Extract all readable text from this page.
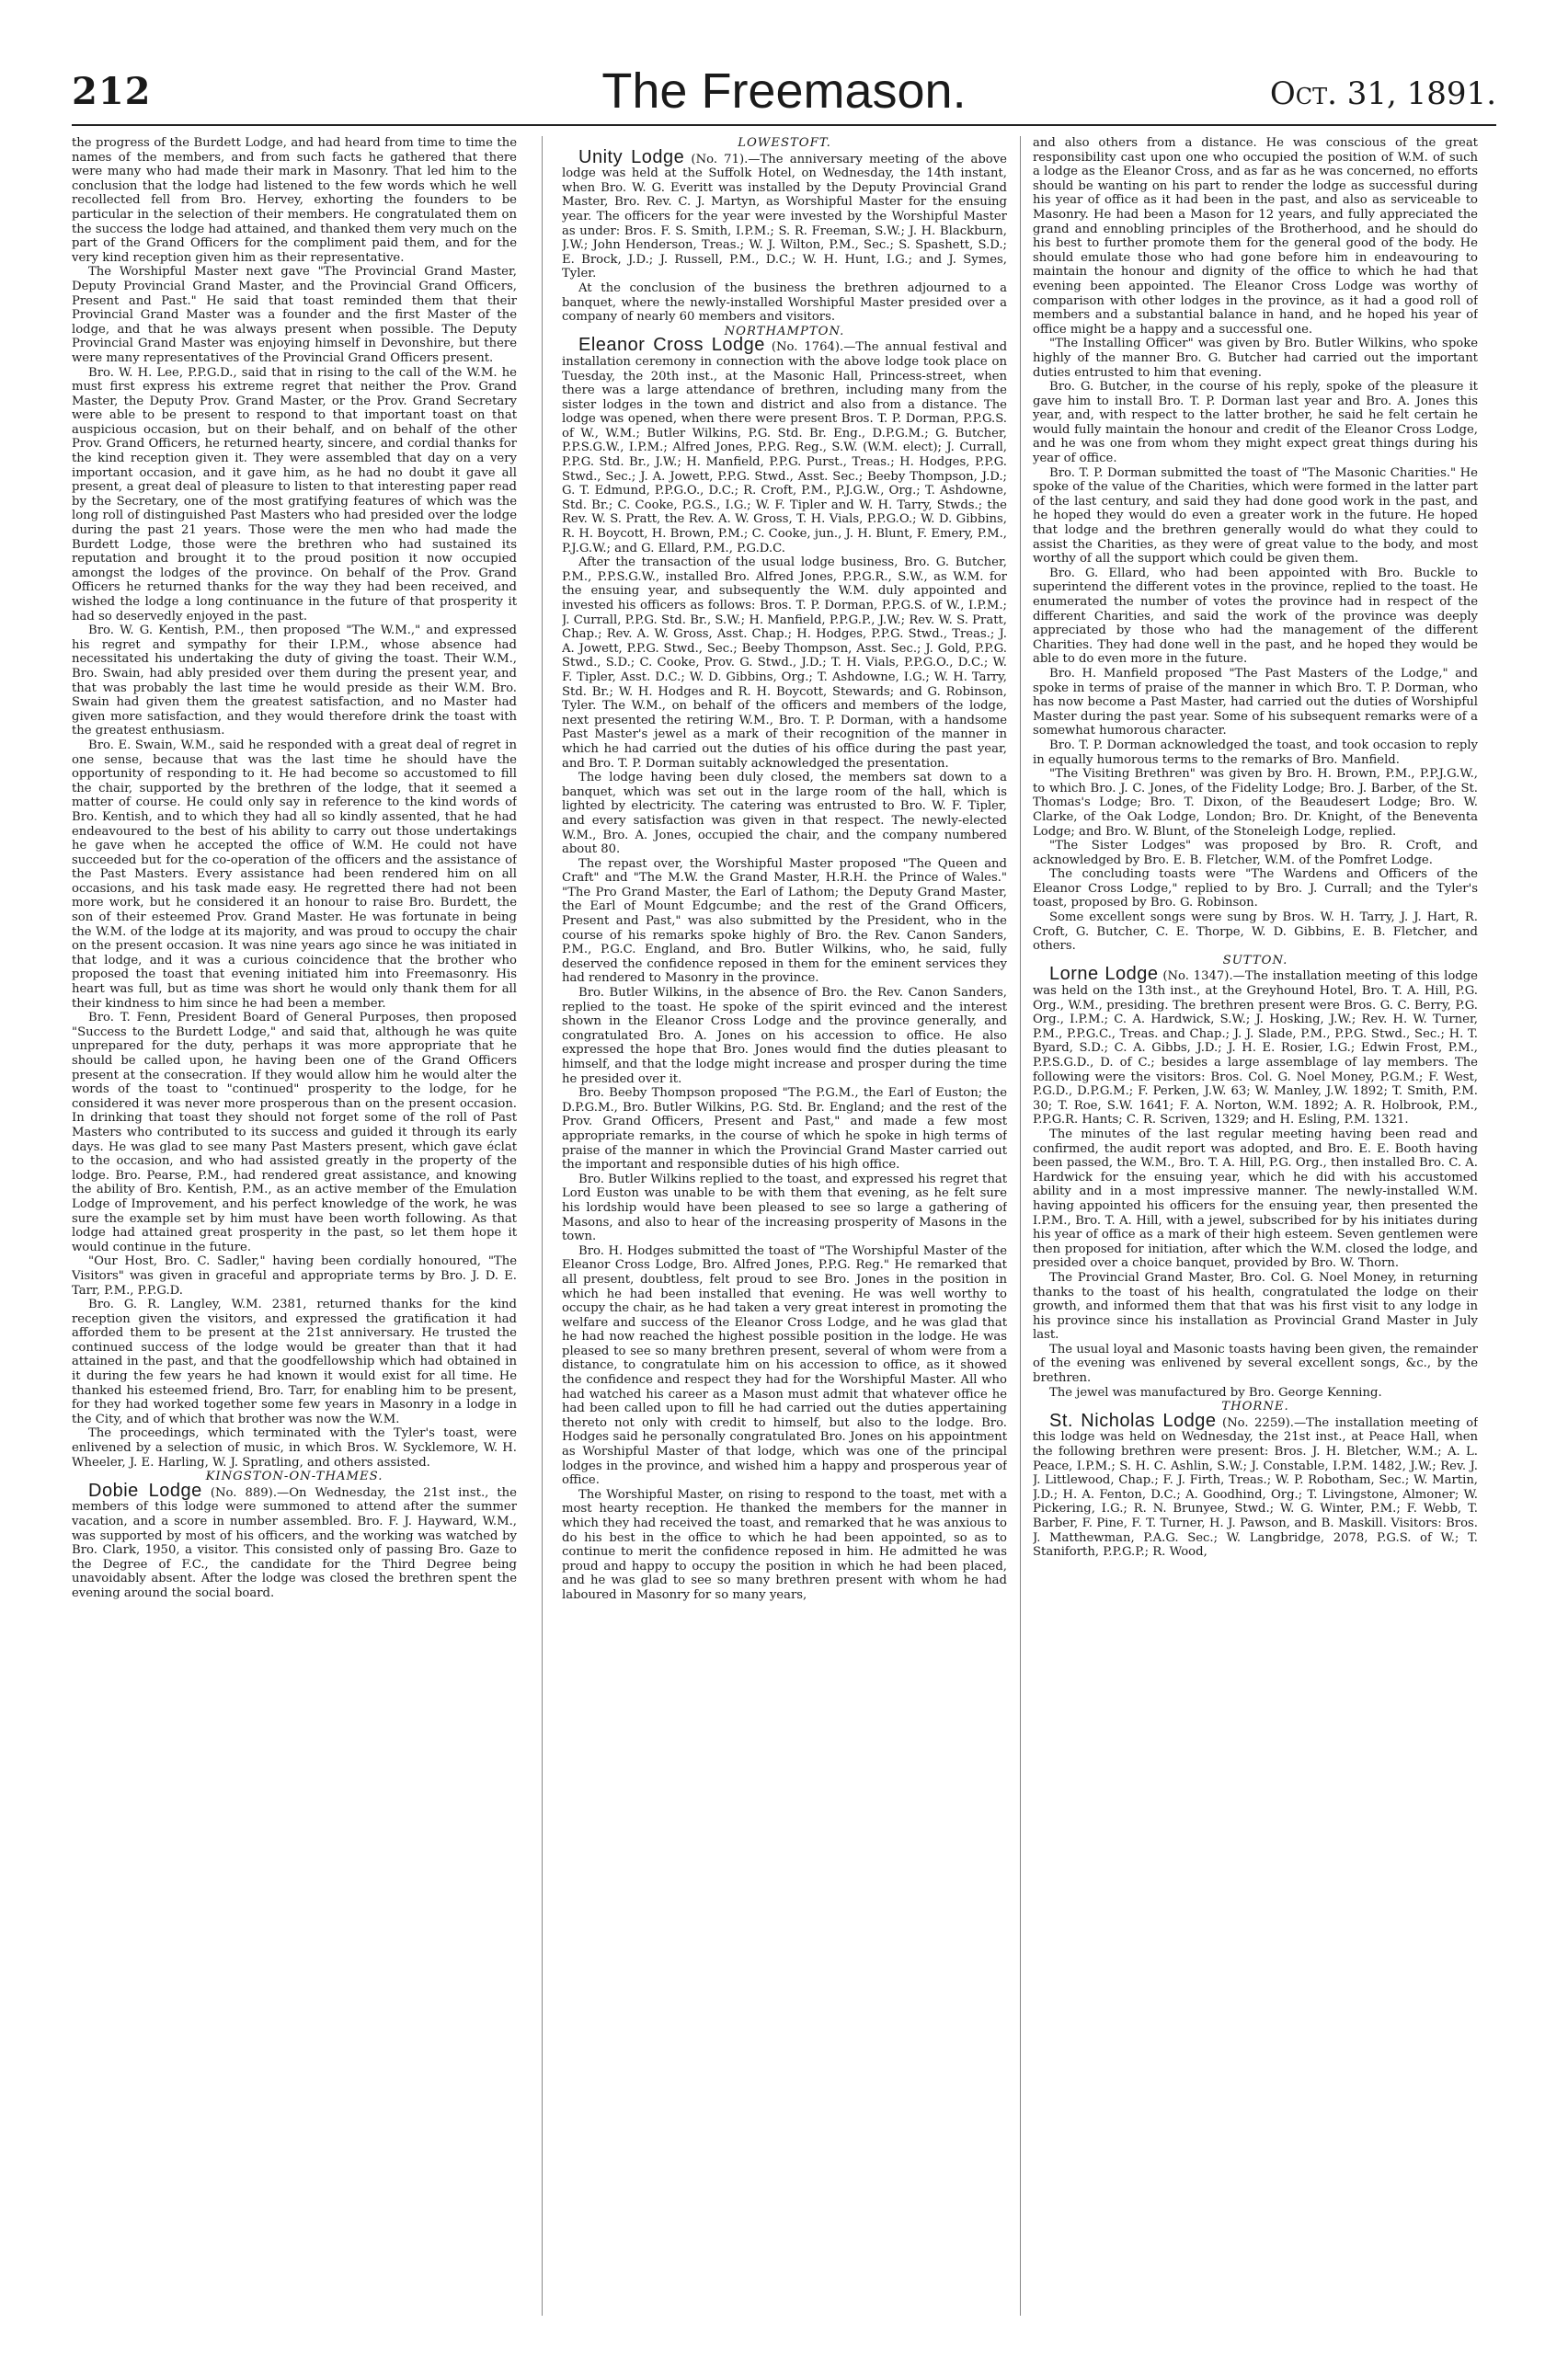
212	The Freemason.	Oct. 31, 1891.

the progress of the Burdett Lodge, and had heard from time to time the names of the members, and from such facts he gathered that there were many who had made their mark in Masonry. That led him to the conclusion that the lodge had listened to the few words which he well recollected fell from Bro. Hervey, exhorting the founders to be particular in the selection of their members. He congratulated them on the success the lodge had attained, and thanked them very much on the part of the Grand Officers for the compliment paid them, and for the very kind reception given him as their representative.

The Worshipful Master next gave "The Provincial Grand Master, Deputy Provincial Grand Master, and the Provincial Grand Officers, Present and Past." He said that toast reminded them that their Provincial Grand Master was a founder and the first Master of the lodge, and that he was always present when possible. The Deputy Provincial Grand Master was enjoying himself in Devonshire, but there were many representatives of the Provincial Grand Officers present.

Bro. W. H. Lee, P.P.G.D., said that in rising to the call of the W.M. he must first express his extreme regret that neither the Prov. Grand Master, the Deputy Prov. Grand Master, or the Prov. Grand Secretary were able to be present to respond to that important toast on that auspicious occasion, but on their behalf, and on behalf of the other Prov. Grand Officers, he returned hearty, sincere, and cordial thanks for the kind reception given it. They were assembled that day on a very important occasion, and it gave him, as he had no doubt it gave all present, a great deal of pleasure to listen to that interesting paper read by the Secretary, one of the most gratifying features of which was the long roll of distinguished Past Masters who had presided over the lodge during the past 21 years. Those were the men who had made the Burdett Lodge, those were the brethren who had sustained its reputation and brought it to the proud position it now occupied amongst the lodges of the province. On behalf of the Prov. Grand Officers he returned thanks for the way they had been received, and wished the lodge a long continuance in the future of that prosperity it had so deservedly enjoyed in the past.

Bro. W. G. Kentish, P.M., then proposed "The W.M.," and expressed his regret and sympathy for their I.P.M., whose absence had necessitated his undertaking the duty of giving the toast. Their W.M., Bro. Swain, had ably presided over them during the present year, and that was probably the last time he would preside as their W.M. Bro. Swain had given them the greatest satisfaction, and no Master had given more satisfaction, and they would therefore drink the toast with the greatest enthusiasm.

Bro. E. Swain, W.M., said he responded with a great deal of regret in one sense, because that was the last time he should have the opportunity of responding to it. He had become so accustomed to fill the chair, supported by the brethren of the lodge, that it seemed a matter of course. He could only say in reference to the kind words of Bro. Kentish, and to which they had all so kindly assented, that he had endeavoured to the best of his ability to carry out those undertakings he gave when he accepted the office of W.M. He could not have succeeded but for the co-operation of the officers and the assistance of the Past Masters. Every assistance had been rendered him on all occasions, and his task made easy. He regretted there had not been more work, but he considered it an honour to raise Bro. Burdett, the son of their esteemed Prov. Grand Master. He was fortunate in being the W.M. of the lodge at its majority, and was proud to occupy the chair on the present occasion. It was nine years ago since he was initiated in that lodge, and it was a curious coincidence that the brother who proposed the toast that evening initiated him into Freemasonry. His heart was full, but as time was short he would only thank them for all their kindness to him since he had been a member.

Bro. T. Fenn, President Board of General Purposes, then proposed "Success to the Burdett Lodge," and said that, although he was quite unprepared for the duty, perhaps it was more appropriate that he should be called upon, he having been one of the Grand Officers present at the consecration. If they would allow him he would alter the words of the toast to "continued" prosperity to the lodge, for he considered it was never more prosperous than on the present occasion. In drinking that toast they should not forget some of the roll of Past Masters who contributed to its success and guided it through its early days. He was glad to see many Past Masters present, which gave éclat to the occasion, and who had assisted greatly in the property of the lodge. Bro. Pearse, P.M., had rendered great assistance, and knowing the ability of Bro. Kentish, P.M., as an active member of the Emulation Lodge of Improvement, and his perfect knowledge of the work, he was sure the example set by him must have been worth following. As that lodge had attained great prosperity in the past, so let them hope it would continue in the future.

"Our Host, Bro. C. Sadler," having been cordially honoured, "The Visitors" was given in graceful and appropriate terms by Bro. J. D. E. Tarr, P.M., P.P.G.D.

Bro. G. R. Langley, W.M. 2381, returned thanks for the kind reception given the visitors, and expressed the gratification it had afforded them to be present at the 21st anniversary. He trusted the continued success of the lodge would be greater than that it had attained in the past, and that the goodfellowship which had obtained in it during the few years he had known it would exist for all time. He thanked his esteemed friend, Bro. Tarr, for enabling him to be present, for they had worked together some few years in Masonry in a lodge in the City, and of which that brother was now the W.M.

The proceedings, which terminated with the Tyler's toast, were enlivened by a selection of music, in which Bros. W. Sycklemore, W. H. Wheeler, J. E. Harling, W. J. Spratling, and others assisted.

KINGSTON-ON-THAMES.

Dobie Lodge (No. 889).—On Wednesday, the 21st inst., the members of this lodge were summoned to attend after the summer vacation, and a score in number assembled. Bro. F. J. Hayward, W.M., was supported by most of his officers, and the working was watched by Bro. Clark, 1950, a visitor. This consisted only of passing Bro. Gaze to the Degree of F.C., the candidate for the Third Degree being unavoidably absent. After the lodge was closed the brethren spent the evening around the social board.

LOWESTOFT.

Unity Lodge (No. 71).—The anniversary meeting of the above lodge was held at the Suffolk Hotel, on Wednesday, the 14th instant, when Bro. W. G. Everitt was installed by the Deputy Provincial Grand Master, Bro. Rev. C. J. Martyn, as Worshipful Master for the ensuing year. The officers for the year were invested by the Worshipful Master as under: Bros. F. S. Smith, I.P.M.; S. R. Freeman, S.W.; J. H. Blackburn, J.W.; John Henderson, Treas.; W. J. Wilton, P.M., Sec.; S. Spashett, S.D.; E. Brock, J.D.; J. Russell, P.M., D.C.; W. H. Hunt, I.G.; and J. Symes, Tyler.

At the conclusion of the business the brethren adjourned to a banquet, where the newly-installed Worshipful Master presided over a company of nearly 60 members and visitors.

NORTHAMPTON.

Eleanor Cross Lodge (No. 1764).—The annual festival and installation ceremony in connection with the above lodge took place on Tuesday, the 20th inst., at the Masonic Hall, Princess-street, when there was a large attendance of brethren, including many from the sister lodges in the town and district and also from a distance. The lodge was opened, when there were present Bros. T. P. Dorman, P.P.G.S. of W., W.M.; Butler Wilkins, P.G. Std. Br. Eng., D.P.G.M.; G. Butcher, P.P.S.G.W., I.P.M.; Alfred Jones, P.P.G. Reg., S.W. (W.M. elect); J. Currall, P.P.G. Std. Br., J.W.; H. Manfield, P.P.G. Purst., Treas.; H. Hodges, P.P.G. Stwd., Sec.; J. A. Jowett, P.P.G. Stwd., Asst. Sec.; Beeby Thompson, J.D.; G. T. Edmund, P.P.G.O., D.C.; R. Croft, P.M., P.J.G.W., Org.; T. Ashdowne, Std. Br.; C. Cooke, P.G.S., I.G.; W. F. Tipler and W. H. Tarry, Stwds.; the Rev. W. S. Pratt, the Rev. A. W. Gross, T. H. Vials, P.P.G.O.; W. D. Gibbins, R. H. Boycott, H. Brown, P.M.; C. Cooke, jun., J. H. Blunt, F. Emery, P.M., P.J.G.W.; and G. Ellard, P.M., P.G.D.C.

After the transaction of the usual lodge business, Bro. G. Butcher, P.M., P.P.S.G.W., installed Bro. Alfred Jones, P.P.G.R., S.W., as W.M. for the ensuing year, and subsequently the W.M. duly appointed and invested his officers as follows: Bros. T. P. Dorman, P.P.G.S. of W., I.P.M.; J. Currall, P.P.G. Std. Br., S.W.; H. Manfield, P.P.G.P., J.W.; Rev. W. S. Pratt, Chap.; Rev. A. W. Gross, Asst. Chap.; H. Hodges, P.P.G. Stwd., Treas.; J. A. Jowett, P.P.G. Stwd., Sec.; Beeby Thompson, Asst. Sec.; J. Gold, P.P.G. Stwd., S.D.; C. Cooke, Prov. G. Stwd., J.D.; T. H. Vials, P.P.G.O., D.C.; W. F. Tipler, Asst. D.C.; W. D. Gibbins, Org.; T. Ashdowne, I.G.; W. H. Tarry, Std. Br.; W. H. Hodges and R. H. Boycott, Stewards; and G. Robinson, Tyler. The W.M., on behalf of the officers and members of the lodge, next presented the retiring W.M., Bro. T. P. Dorman, with a handsome Past Master's jewel as a mark of their recognition of the manner in which he had carried out the duties of his office during the past year, and Bro. T. P. Dorman suitably acknowledged the presentation.

The lodge having been duly closed, the members sat down to a banquet, which was set out in the large room of the hall, which is lighted by electricity. The catering was entrusted to Bro. W. F. Tipler, and every satisfaction was given in that respect. The newly-elected W.M., Bro. A. Jones, occupied the chair, and the company numbered about 80.

The repast over, the Worshipful Master proposed "The Queen and Craft" and "The M.W. the Grand Master, H.R.H. the Prince of Wales." "The Pro Grand Master, the Earl of Lathom; the Deputy Grand Master, the Earl of Mount Edgcumbe; and the rest of the Grand Officers, Present and Past," was also submitted by the President, who in the course of his remarks spoke highly of Bro. the Rev. Canon Sanders, P.M., P.G.C. England, and Bro. Butler Wilkins, who, he said, fully deserved the confidence reposed in them for the eminent services they had rendered to Masonry in the province.

Bro. Butler Wilkins, in the absence of Bro. the Rev. Canon Sanders, replied to the toast. He spoke of the spirit evinced and the interest shown in the Eleanor Cross Lodge and the province generally, and congratulated Bro. A. Jones on his accession to office. He also expressed the hope that Bro. Jones would find the duties pleasant to himself, and that the lodge might increase and prosper during the time he presided over it.

Bro. Beeby Thompson proposed "The P.G.M., the Earl of Euston; the D.P.G.M., Bro. Butler Wilkins, P.G. Std. Br. England; and the rest of the Prov. Grand Officers, Present and Past," and made a few most appropriate remarks, in the course of which he spoke in high terms of praise of the manner in which the Provincial Grand Master carried out the important and responsible duties of his high office.

Bro. Butler Wilkins replied to the toast, and expressed his regret that Lord Euston was unable to be with them that evening, as he felt sure his lordship would have been pleased to see so large a gathering of Masons, and also to hear of the increasing prosperity of Masons in the town.

Bro. H. Hodges submitted the toast of "The Worshipful Master of the Eleanor Cross Lodge, Bro. Alfred Jones, P.P.G. Reg." He remarked that all present, doubtless, felt proud to see Bro. Jones in the position in which he had been installed that evening. He was well worthy to occupy the chair, as he had taken a very great interest in promoting the welfare and success of the Eleanor Cross Lodge, and he was glad that he had now reached the highest possible position in the lodge. He was pleased to see so many brethren present, several of whom were from a distance, to congratulate him on his accession to office, as it showed the confidence and respect they had for the Worshipful Master. All who had watched his career as a Mason must admit that whatever office he had been called upon to fill he had carried out the duties appertaining thereto not only with credit to himself, but also to the lodge. Bro. Hodges said he personally congratulated Bro. Jones on his appointment as Worshipful Master of that lodge, which was one of the principal lodges in the province, and wished him a happy and prosperous year of office.

The Worshipful Master, on rising to respond to the toast, met with a most hearty reception. He thanked the members for the manner in which they had received the toast, and remarked that he was anxious to do his best in the office to which he had been appointed, so as to continue to merit the confidence reposed in him. He admitted he was proud and happy to occupy the position in which he had been placed, and he was glad to see so many brethren present with whom he had laboured in Masonry for so many years,

and also others from a distance. He was conscious of the great responsibility cast upon one who occupied the position of W.M. of such a lodge as the Eleanor Cross, and as far as he was concerned, no efforts should be wanting on his part to render the lodge as successful during his year of office as it had been in the past, and also as serviceable to Masonry. He had been a Mason for 12 years, and fully appreciated the grand and ennobling principles of the Brotherhood, and he should do his best to further promote them for the general good of the body. He should emulate those who had gone before him in endeavouring to maintain the honour and dignity of the office to which he had that evening been appointed. The Eleanor Cross Lodge was worthy of comparison with other lodges in the province, as it had a good roll of members and a substantial balance in hand, and he hoped his year of office might be a happy and a successful one.

"The Installing Officer" was given by Bro. Butler Wilkins, who spoke highly of the manner Bro. G. Butcher had carried out the important duties entrusted to him that evening.

Bro. G. Butcher, in the course of his reply, spoke of the pleasure it gave him to install Bro. T. P. Dorman last year and Bro. A. Jones this year, and, with respect to the latter brother, he said he felt certain he would fully maintain the honour and credit of the Eleanor Cross Lodge, and he was one from whom they might expect great things during his year of office.

Bro. T. P. Dorman submitted the toast of "The Masonic Charities." He spoke of the value of the Charities, which were formed in the latter part of the last century, and said they had done good work in the past, and he hoped they would do even a greater work in the future. He hoped that lodge and the brethren generally would do what they could to assist the Charities, as they were of great value to the body, and most worthy of all the support which could be given them.

Bro. G. Ellard, who had been appointed with Bro. Buckle to superintend the different votes in the province, replied to the toast. He enumerated the number of votes the province had in respect of the different Charities, and said the work of the province was deeply appreciated by those who had the management of the different Charities. They had done well in the past, and he hoped they would be able to do even more in the future.

Bro. H. Manfield proposed "The Past Masters of the Lodge," and spoke in terms of praise of the manner in which Bro. T. P. Dorman, who has now become a Past Master, had carried out the duties of Worshipful Master during the past year. Some of his subsequent remarks were of a somewhat humorous character.

Bro. T. P. Dorman acknowledged the toast, and took occasion to reply in equally humorous terms to the remarks of Bro. Manfield.

"The Visiting Brethren" was given by Bro. H. Brown, P.M., P.P.J.G.W., to which Bro. J. C. Jones, of the Fidelity Lodge; Bro. J. Barber, of the St. Thomas's Lodge; Bro. T. Dixon, of the Beaudesert Lodge; Bro. W. Clarke, of the Oak Lodge, London; Bro. Dr. Knight, of the Beneventa Lodge; and Bro. W. Blunt, of the Stoneleigh Lodge, replied.

"The Sister Lodges" was proposed by Bro. R. Croft, and acknowledged by Bro. E. B. Fletcher, W.M. of the Pomfret Lodge.

The concluding toasts were "The Wardens and Officers of the Eleanor Cross Lodge," replied to by Bro. J. Currall; and the Tyler's toast, proposed by Bro. G. Robinson.

Some excellent songs were sung by Bros. W. H. Tarry, J. J. Hart, R. Croft, G. Butcher, C. E. Thorpe, W. D. Gibbins, E. B. Fletcher, and others.

SUTTON.

Lorne Lodge (No. 1347).—The installation meeting of this lodge was held on the 13th inst., at the Greyhound Hotel, Bro. T. A. Hill, P.G. Org., W.M., presiding. The brethren present were Bros. G. C. Berry, P.G. Org., I.P.M.; C. A. Hardwick, S.W.; J. Hosking, J.W.; Rev. H. W. Turner, P.M., P.P.G.C., Treas. and Chap.; J. J. Slade, P.M., P.P.G. Stwd., Sec.; H. T. Byard, S.D.; C. A. Gibbs, J.D.; J. H. E. Rosier, I.G.; Edwin Frost, P.M., P.P.S.G.D., D. of C.; besides a large assemblage of lay members. The following were the visitors: Bros. Col. G. Noel Money, P.G.M.; F. West, P.G.D., D.P.G.M.; F. Perken, J.W. 63; W. Manley, J.W. 1892; T. Smith, P.M. 30; T. Roe, S.W. 1641; F. A. Norton, W.M. 1892; A. R. Holbrook, P.M., P.P.G.R. Hants; C. R. Scriven, 1329; and H. Esling, P.M. 1321.

The minutes of the last regular meeting having been read and confirmed, the audit report was adopted, and Bro. E. E. Booth having been passed, the W.M., Bro. T. A. Hill, P.G. Org., then installed Bro. C. A. Hardwick for the ensuing year, which he did with his accustomed ability and in a most impressive manner. The newly-installed W.M. having appointed his officers for the ensuing year, then presented the I.P.M., Bro. T. A. Hill, with a jewel, subscribed for by his initiates during his year of office as a mark of their high esteem. Seven gentlemen were then proposed for initiation, after which the W.M. closed the lodge, and presided over a choice banquet, provided by Bro. W. Thorn.

The Provincial Grand Master, Bro. Col. G. Noel Money, in returning thanks to the toast of his health, congratulated the lodge on their growth, and informed them that that was his first visit to any lodge in his province since his installation as Provincial Grand Master in July last.

The usual loyal and Masonic toasts having been given, the remainder of the evening was enlivened by several excellent songs, &c., by the brethren.

The jewel was manufactured by Bro. George Kenning.

THORNE.

St. Nicholas Lodge (No. 2259).—The installation meeting of this lodge was held on Wednesday, the 21st inst., at Peace Hall, when the following brethren were present: Bros. J. H. Bletcher, W.M.; A. L. Peace, I.P.M.; S. H. C. Ashlin, S.W.; J. Constable, I.P.M. 1482, J.W.; Rev. J. J. Littlewood, Chap.; F. J. Firth, Treas.; W. P. Robotham, Sec.; W. Martin, J.D.; H. A. Fenton, D.C.; A. Goodhind, Org.; T. Livingstone, Almoner; W. Pickering, I.G.; R. N. Brunyee, Stwd.; W. G. Winter, P.M.; F. Webb, T. Barber, F. Pine, F. T. Turner, H. J. Pawson, and B. Maskill. Visitors: Bros. J. Matthewman, P.A.G. Sec.; W. Langbridge, 2078, P.G.S. of W.; T. Staniforth, P.P.G.P.; R. Wood,
